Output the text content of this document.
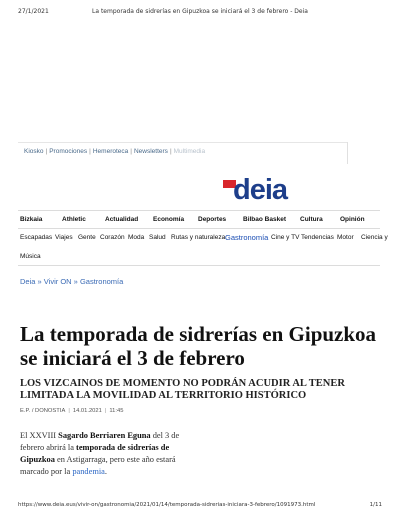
27/1/2021	La temporada de sidrerías en Gipuzkoa se iniciará el 3 de febrero - Deia
Kiosko | Promociones | Hemeroteca | Newsletters | Multimedia
deia
Bizkaia	Athletic	Actualidad Economía Deportes	Bilbao Basket Cultura	Opinión
Escapadas Viajes Gente Corazón Moda Salud Rutas y naturaleza Gastronomía Cine y TV Tendencias Motor Ciencia y
Música
Deia » Vivir ON » Gastronomía
La temporada de sidrerías en Gipuzkoa se iniciará el 3 de febrero
LOS VIZCAINOS DE MOMENTO NO PODRÁN ACUDIR AL TENER LIMITADA LA MOVILIDAD AL TERRITORIO HISTÓRICO
E.P. / DONOSTIA | 14.01.2021 | 11:45

El XXVIII Sagardo Berriaren Eguna del 3 de febrero abrirá la temporada de sidrerías de Gipuzkoa en Astigarraga, pero este año estará marcado por la pandemia.

https://www.deia.eus/vivir-on/gastronomia/2021/01/14/temporada-sidrerias-iniciara-3-febrero/1091973.html	1/11
